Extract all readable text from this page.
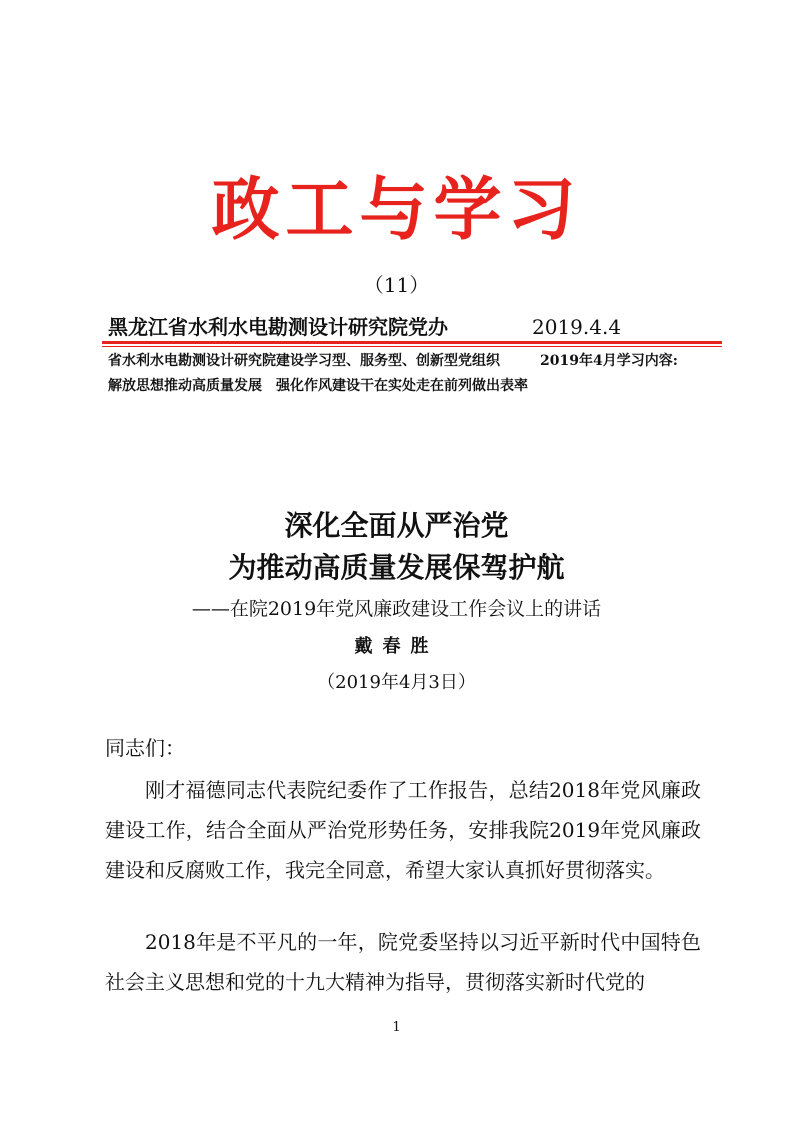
政工与学习
（11）
黑龙江省水利水电勘测设计研究院党办	2019.4.4
省水利水电勘测设计研究院建设学习型、服务型、创新型党组织	2019年4月学习内容:
解放思想推动高质量发展　强化作风建设干在实处走在前列做出表率
深化全面从严治党
为推动高质量发展保驾护航
——在院2019年党风廉政建设工作会议上的讲话
戴春胜
（2019年4月3日）
同志们：
刚才福德同志代表院纪委作了工作报告，总结2018年党风廉政建设工作，结合全面从严治党形势任务，安排我院2019年党风廉政建设和反腐败工作，我完全同意，希望大家认真抓好贯彻落实。
2018年是不平凡的一年，院党委坚持以习近平新时代中国特色社会主义思想和党的十九大精神为指导，贯彻落实新时代党的
1
